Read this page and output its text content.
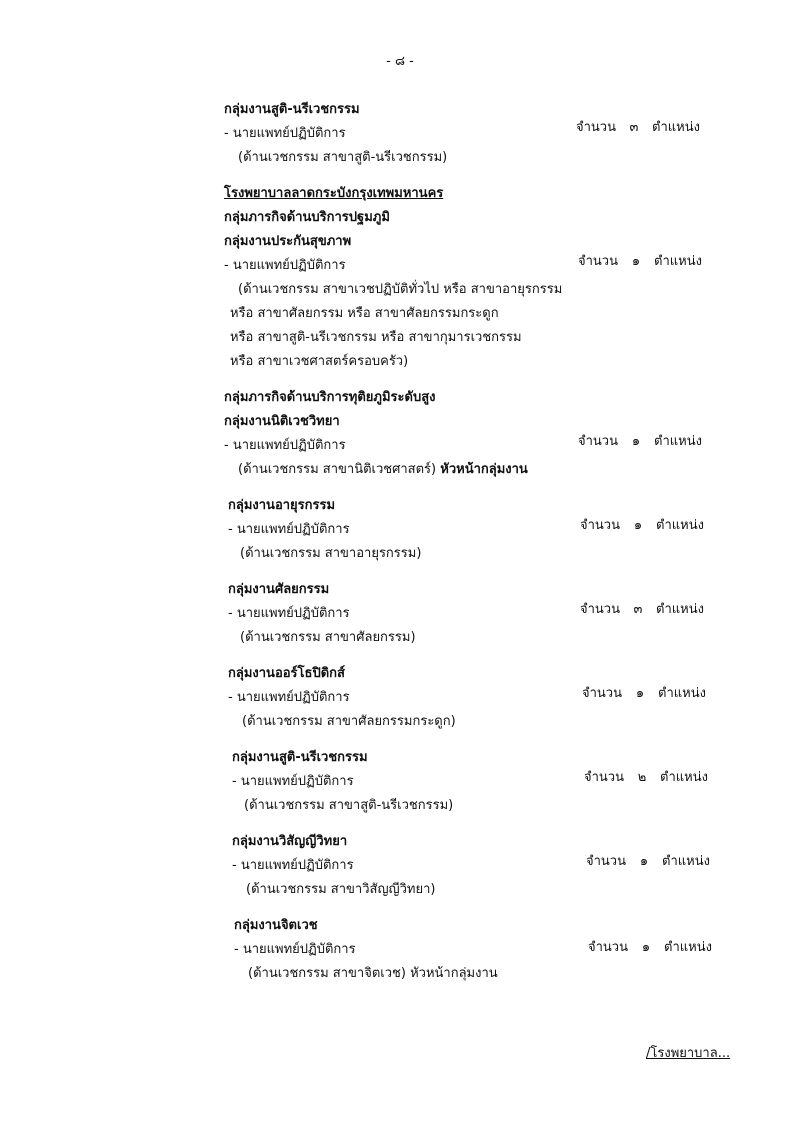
- ๘ -
กลุ่มงานสูติ-นรีเวชกรรม
- นายแพทย์ปฏิบัติการ
(ด้านเวชกรรม สาขาสูติ-นรีเวชกรรม)
จำนวน ๓ ตำแหน่ง
โรงพยาบาลลาดกระบังกรุงเทพมหานคร
กลุ่มภารกิจด้านบริการปฐมภูมิ
กลุ่มงานประกันสุขภาพ
- นายแพทย์ปฏิบัติการ
(ด้านเวชกรรม สาขาเวชปฏิบัติทั่วไป หรือ สาขาอายุรกรรม
หรือ สาขาศัลยกรรม หรือ สาขาศัลยกรรมกระดูก
หรือ สาขาสูติ-นรีเวชกรรม หรือ สาขากุมารเวชกรรม
หรือ สาขาเวชศาสตร์ครอบครัว)
จำนวน ๑ ตำแหน่ง
กลุ่มภารกิจด้านบริการทุติยภูมิระดับสูง
กลุ่มงานนิติเวชวิทยา
- นายแพทย์ปฏิบัติการ
(ด้านเวชกรรม สาขานิติเวชศาสตร์) หัวหน้ากลุ่มงาน
จำนวน ๑ ตำแหน่ง
กลุ่มงานอายุรกรรม
- นายแพทย์ปฏิบัติการ
(ด้านเวชกรรม สาขาอายุรกรรม)
จำนวน ๑ ตำแหน่ง
กลุ่มงานศัลยกรรม
- นายแพทย์ปฏิบัติการ
(ด้านเวชกรรม สาขาศัลยกรรม)
จำนวน ๓ ตำแหน่ง
กลุ่มงานออร์โธปิดิกส์
- นายแพทย์ปฏิบัติการ
(ด้านเวชกรรม สาขาศัลยกรรมกระดูก)
จำนวน ๑ ตำแหน่ง
กลุ่มงานสูติ-นรีเวชกรรม
- นายแพทย์ปฏิบัติการ
(ด้านเวชกรรม สาขาสูติ-นรีเวชกรรม)
จำนวน ๒ ตำแหน่ง
กลุ่มงานวิสัญญีวิทยา
- นายแพทย์ปฏิบัติการ
(ด้านเวชกรรม สาขาวิสัญญีวิทยา)
จำนวน ๑ ตำแหน่ง
กลุ่มงานจิตเวช
- นายแพทย์ปฏิบัติการ
(ด้านเวชกรรม สาขาจิตเวช) หัวหน้ากลุ่มงาน
จำนวน ๑ ตำแหน่ง
/โรงพยาบาล...
